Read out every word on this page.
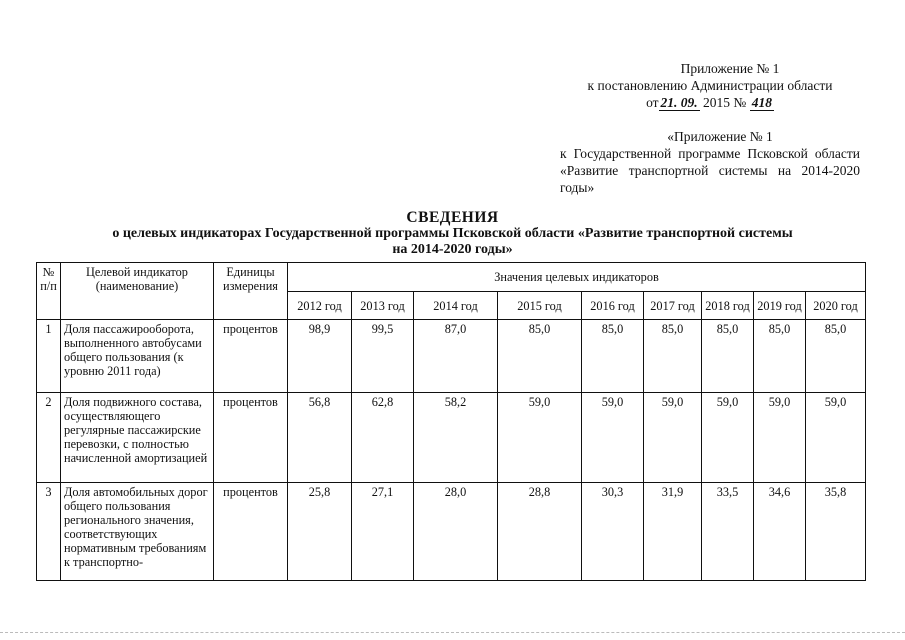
Приложение № 1
к постановлению Администрации области
от 21. 09. 2015 № 418
«Приложение № 1
к Государственной программе Псковской области «Развитие транспортной системы на 2014-2020 годы»
СВЕДЕНИЯ
о целевых индикаторах Государственной программы Псковской области «Развитие транспортной системы
на 2014-2020 годы»
№ п/п	Целевой индикатор (наименование)	Единицы измерения	Значения целевых индикаторов								
			2012 год	2013 год	2014 год	2015 год	2016 год	2017 год	2018 год	2019 год	2020 год
1	Доля пассажирооборота, выполненного автобусами общего пользования (к уровню 2011 года)	процентов	98,9	99,5	87,0	85,0	85,0	85,0	85,0	85,0	85,0
2	Доля подвижного состава, осуществляющего регулярные пассажирские перевозки, с полностью начисленной амортизацией	процентов	56,8	62,8	58,2	59,0	59,0	59,0	59,0	59,0	59,0
3	Доля автомобильных дорог общего пользования регионального значения, соответствующих нормативным требованиям к транспортно-	процентов	25,8	27,1	28,0	28,8	30,3	31,9	33,5	34,6	35,8
